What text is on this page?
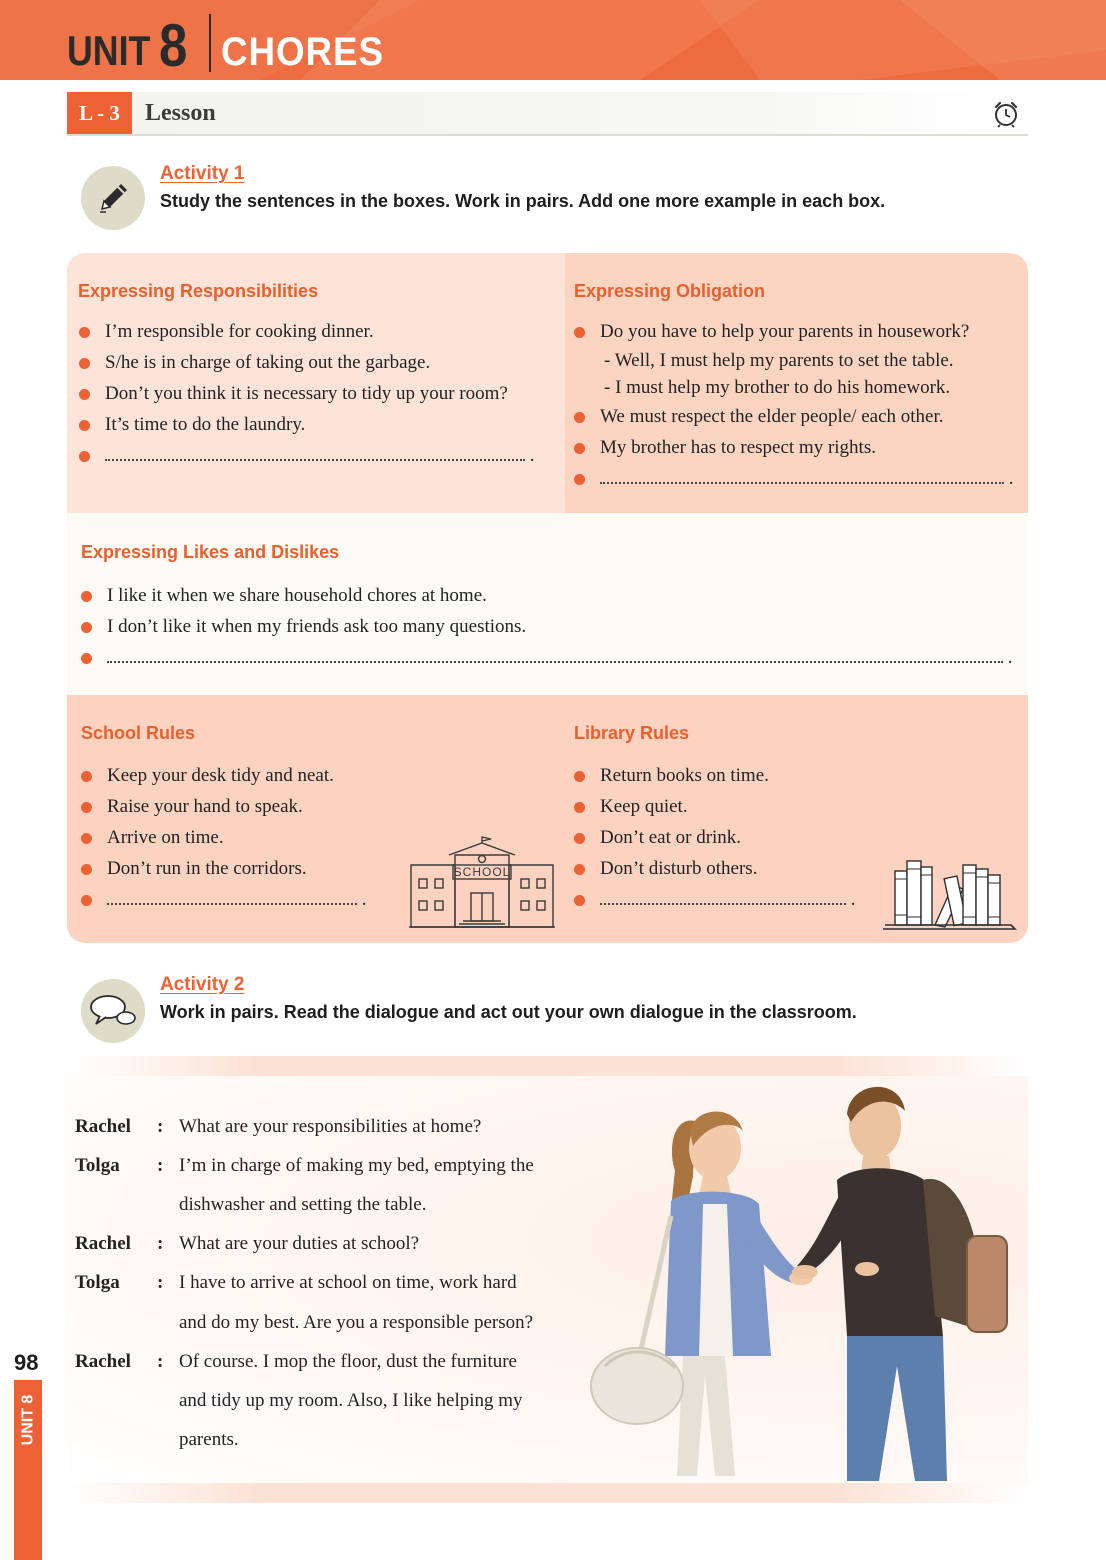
UNIT 8 CHORES
L - 3	Lesson
Activity 1
Study the sentences in the boxes. Work in pairs. Add one more example in each box.
Expressing Responsibilities
I’m responsible for cooking dinner.
S/he is in charge of taking out the garbage.
Don’t you think it is necessary to tidy up your room?
It’s time to do the laundry.
.
Expressing Obligation
Do you have to help your parents in housework?
- Well, I must help my parents to set the table.
- I must help my brother to do his homework.
We must respect the elder people/ each other.
My brother has to respect my rights.
.
Expressing Likes and Dislikes
I like it when we share household chores at home.
I don’t like it when my friends ask too many questions.
.
School Rules
Keep your desk tidy and neat.
Raise your hand to speak.
Arrive on time.
Don’t run in the corridors.
.
SCHOOL
Library Rules
Return books on time.
Keep quiet.
Don’t eat or drink.
Don’t disturb others.
.
Activity 2
Work in pairs. Read the dialogue and act out your own dialogue in the classroom.
Rachel	: What are your responsibilities at home?
Tolga	: I’m in charge of making my bed, emptying the
dishwasher and setting the table.
Rachel	: What are your duties at school?
Tolga	: I have to arrive at school on time, work hard
and do my best. Are you a responsible person?
Rachel	: Of course. I mop the floor, dust the furniture
and tidy up my room. Also, I like helping my
parents.
98
UNIT 8
